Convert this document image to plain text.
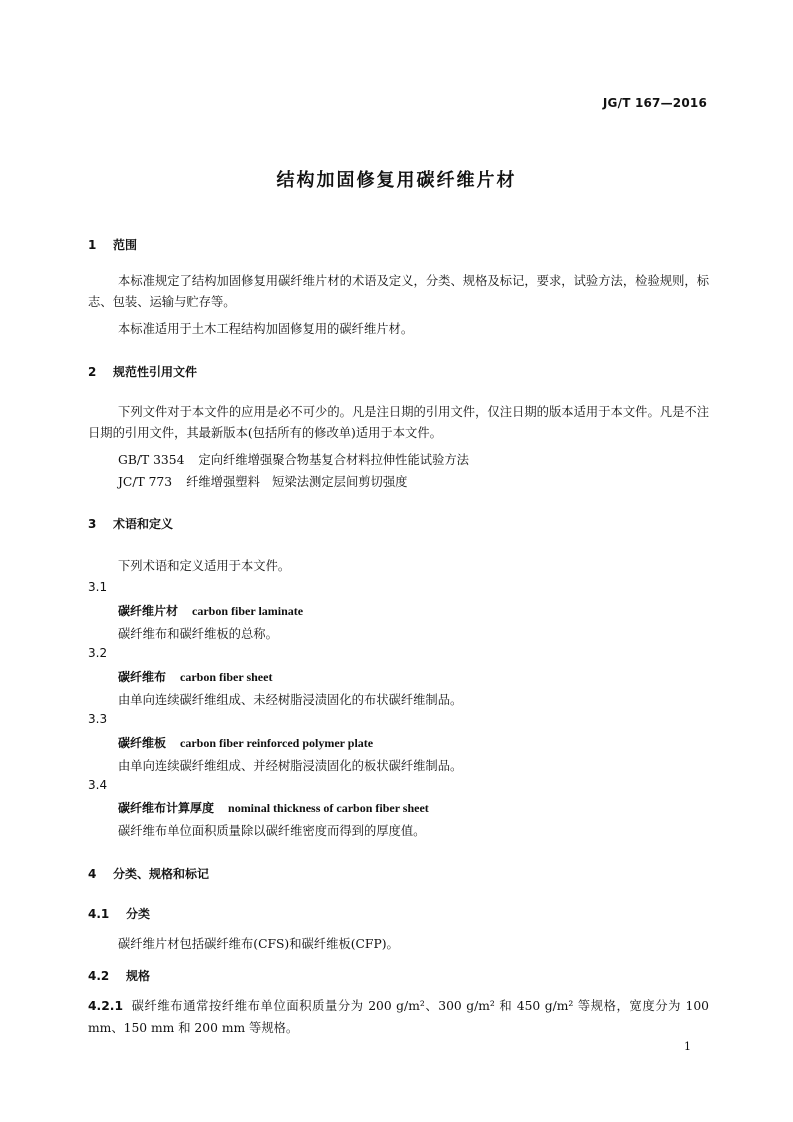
JG/T 167—2016
结构加固修复用碳纤维片材
1 范围
本标准规定了结构加固修复用碳纤维片材的术语及定义，分类、规格及标记，要求，试验方法，检验规则，标志、包装、运输与贮存等。
本标准适用于土木工程结构加固修复用的碳纤维片材。
2 规范性引用文件
下列文件对于本文件的应用是必不可少的。凡是注日期的引用文件，仅注日期的版本适用于本文件。凡是不注日期的引用文件，其最新版本(包括所有的修改单)适用于本文件。
GB/T 3354 定向纤维增强聚合物基复合材料拉伸性能试验方法
JC/T 773 纤维增强塑料　短梁法测定层间剪切强度
3 术语和定义
下列术语和定义适用于本文件。
3.1
碳纤维片材 carbon fiber laminate
碳纤维布和碳纤维板的总称。
3.2
碳纤维布 carbon fiber sheet
由单向连续碳纤维组成、未经树脂浸渍固化的布状碳纤维制品。
3.3
碳纤维板 carbon fiber reinforced polymer plate
由单向连续碳纤维组成、并经树脂浸渍固化的板状碳纤维制品。
3.4
碳纤维布计算厚度 nominal thickness of carbon fiber sheet
碳纤维布单位面积质量除以碳纤维密度而得到的厚度值。
4 分类、规格和标记
4.1 分类
碳纤维片材包括碳纤维布(CFS)和碳纤维板(CFP)。
4.2 规格
4.2.1 碳纤维布通常按纤维布单位面积质量分为 200 g/m²、300 g/m² 和 450 g/m² 等规格，宽度分为 100 mm、150 mm 和 200 mm 等规格。
1
